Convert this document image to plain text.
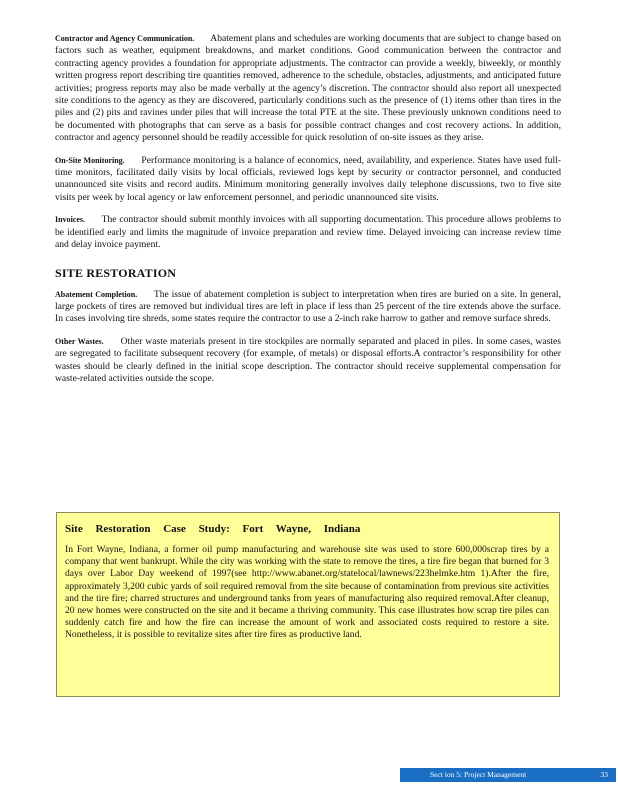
Contractor and Agency Communication. Abatement plans and schedules are working documents that are subject to change based on factors such as weather, equipment breakdowns, and market conditions. Good communication between the contractor and contracting agency provides a foundation for appropriate adjustments. The contractor can provide a weekly, biweekly, or monthly written progress report describing tire quantities removed, adherence to the schedule, obstacles, adjustments, and anticipated future activities; progress reports may also be made verbally at the agency’s discretion. The contractor should also report all unexpected site conditions to the agency as they are discovered, particularly conditions such as the presence of (1) items other than tires in the piles and (2) pits and ravines under piles that will increase the total PTE at the site. These previously unknown conditions need to be documented with photographs that can serve as a basis for possible contract changes and cost recovery actions. In addition, contractor and agency personnel should be readily accessible for quick resolution of on-site issues as they arise.

On-Site Monitoring. Performance monitoring is a balance of economics, need, availability, and experience. States have used full-time monitors, facilitated daily visits by local officials, reviewed logs kept by security or contractor personnel, and conducted unannounced site visits and record audits. Minimum monitoring generally involves daily telephone discussions, two to five site visits per week by local agency or law enforcement personnel, and periodic unannounced site visits.

Invoices. The contractor should submit monthly invoices with all supporting documentation. This procedure allows problems to be identified early and limits the magnitude of invoice preparation and review time. Delayed invoicing can increase review time and delay invoice payment.

SITE RESTORATION

Abatement Completion. The issue of abatement completion is subject to interpretation when tires are buried on a site. In general, large pockets of tires are removed but individual tires are left in place if less than 25 percent of the tire extends above the surface. In cases involving tire shreds, some states require the contractor to use a 2-inch rake harrow to gather and remove surface shreds.

Other Wastes. Other waste materials present in tire stockpiles are normally separated and placed in piles. In some cases, wastes are segregated to facilitate subsequent recovery (for example, of metals) or disposal efforts.A contractor’s responsibility for other wastes should be clearly defined in the initial scope description. The contractor should receive supplemental compensation for waste-related activities outside the scope.

Site Restoration Case Study: Fort Wayne, Indiana

In Fort Wayne, Indiana, a former oil pump manufacturing and warehouse site was used to store 600,000scrap tires by a company that went bankrupt. While the city was working with the state to remove the tires, a tire fire began that burned for 3 days over Labor Day weekend of 1997(see http://www.abanet.org/statelocal/lawnews/223helmke.htm 1).After the fire, approximately 3,200 cubic yards of soil required removal from the site because of contamination from previous site activities and the tire fire; charred structures and underground tanks from years of manufacturing also required removal.After cleanup, 20 new homes were constructed on the site and it became a thriving community. This case illustrates how scrap tire piles can suddenly catch fire and how the fire can increase the amount of work and associated costs required to restore a site. Nonetheless, it is possible to revitalize sites after tire fires as productive land.

Sect ion 5: Project Management	33
